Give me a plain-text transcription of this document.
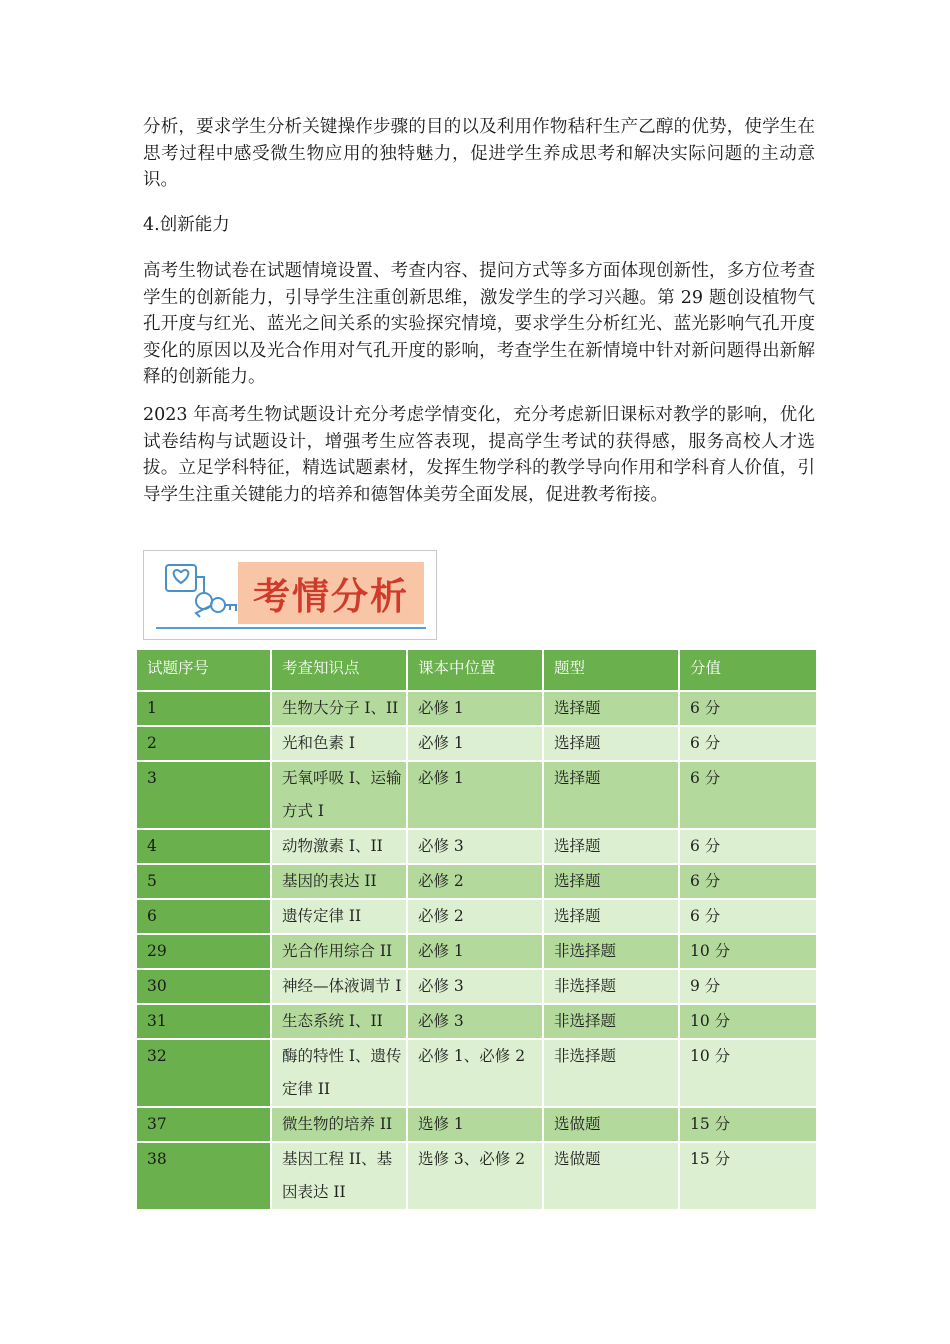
分析，要求学生分析关键操作步骤的目的以及利用作物秸秆生产乙醇的优势，使学生在思考过程中感受微生物应用的独特魅力，促进学生养成思考和解决实际问题的主动意识。

4.创新能力

高考生物试卷在试题情境设置、考查内容、提问方式等多方面体现创新性，多方位考查学生的创新能力，引导学生注重创新思维，激发学生的学习兴趣。第 29 题创设植物气孔开度与红光、蓝光之间关系的实验探究情境，要求学生分析红光、蓝光影响气孔开度变化的原因以及光合作用对气孔开度的影响，考查学生在新情境中针对新问题得出新解释的创新能力。

2023 年高考生物试题设计充分考虑学情变化，充分考虑新旧课标对教学的影响，优化试卷结构与试题设计，增强考生应答表现，提高学生考试的获得感，服务高校人才选拔。立足学科特征，精选试题素材，发挥生物学科的教学导向作用和学科育人价值，引导学生注重关键能力的培养和德智体美劳全面发展，促进教考衔接。

考情分析
试题序号	考查知识点	课本中位置	题型	分值
1	生物大分子 I、II	必修 1	选择题	6 分
2	光和色素 I	必修 1	选择题	6 分
3	无氧呼吸 I、运输方式 I	必修 1	选择题	6 分
4	动物激素 I、II	必修 3	选择题	6 分
5	基因的表达 II	必修 2	选择题	6 分
6	遗传定律 II	必修 2	选择题	6 分
29	光合作用综合 II	必修 1	非选择题	10 分
30	神经—体液调节 I	必修 3	非选择题	9 分
31	生态系统 I、II	必修 3	非选择题	10 分
32	酶的特性 I、遗传定律 II	必修 1、必修 2	非选择题	10 分
37	微生物的培养 II	选修 1	选做题	15 分
38	基因工程 II、基因表达 II	选修 3、必修 2	选做题	15 分
